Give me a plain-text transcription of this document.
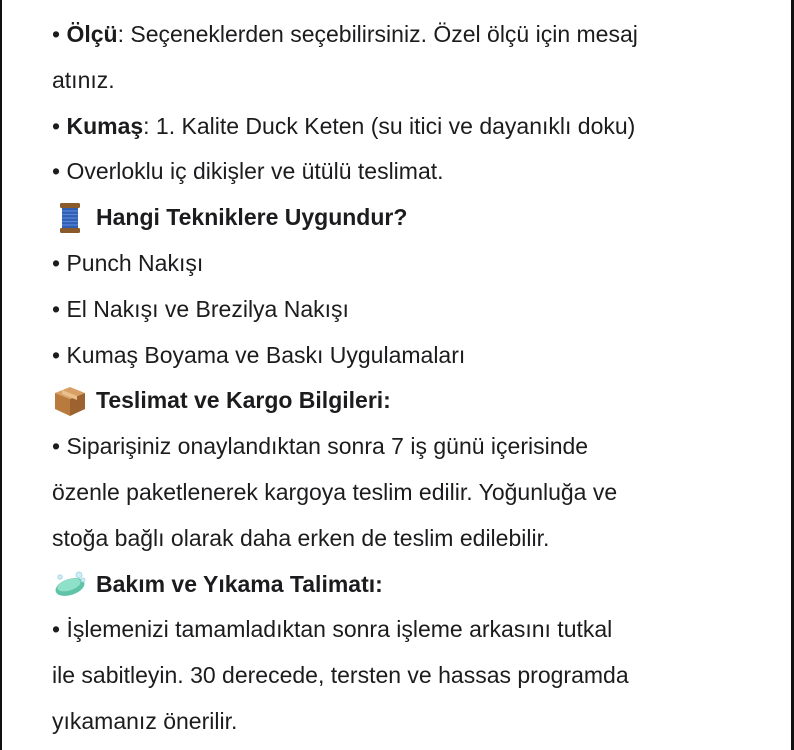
• Ölçü: Seçeneklerden seçebilirsiniz. Özel ölçü için mesaj
atınız.
• Kumaş: 1. Kalite Duck Keten (su itici ve dayanıklı doku)
• Overloklu iç dikişler ve ütülü teslimat.
Hangi Tekniklere Uygundur?
• Punch Nakışı
• El Nakışı ve Brezilya Nakışı
• Kumaş Boyama ve Baskı Uygulamaları
Teslimat ve Kargo Bilgileri:
• Siparişiniz onaylandıktan sonra 7 iş günü içerisinde
özenle paketlenerek kargoya teslim edilir. Yoğunluğa ve
stoğa bağlı olarak daha erken de teslim edilebilir.
Bakım ve Yıkama Talimatı:
• İşlemenizi tamamladıktan sonra işleme arkasını tutkal
ile sabitleyin. 30 derecede, tersten ve hassas programda
yıkamanız önerilir.
